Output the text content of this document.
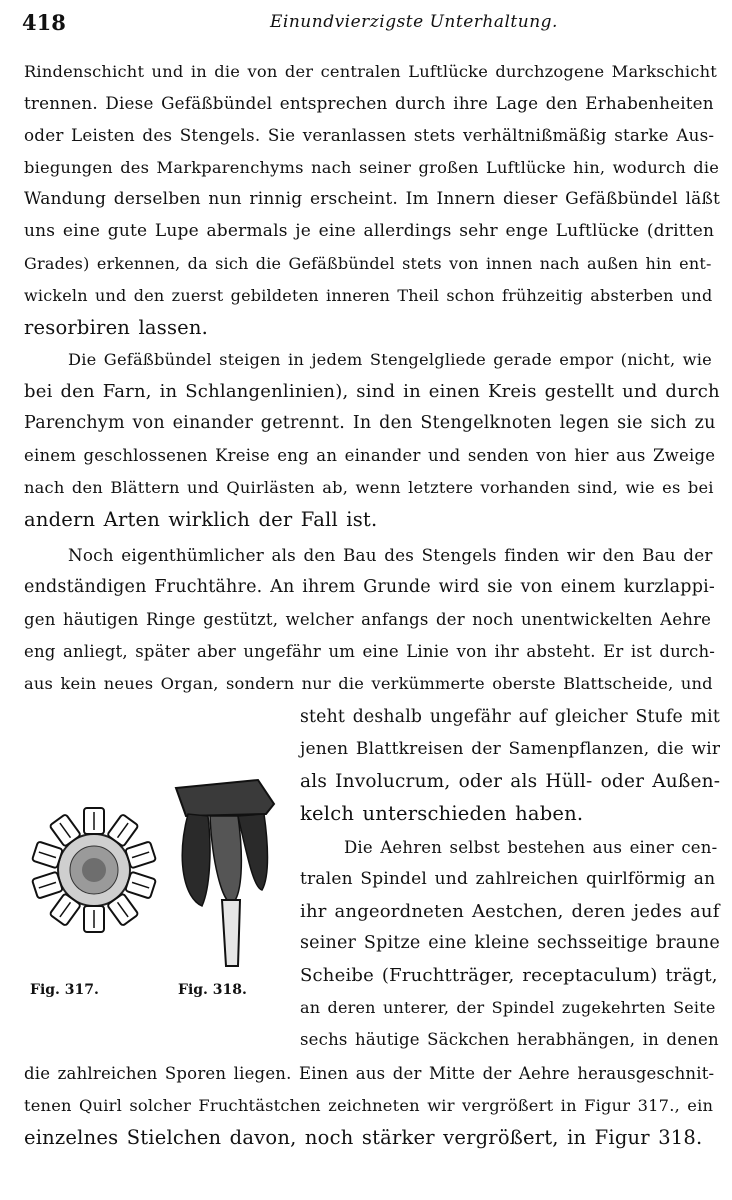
418	Einundvierzigste Unterhaltung.
Rindenschicht und in die von der centralen Luftlücke durchzogene Markschicht
trennen. Diese Gefäßbündel entsprechen durch ihre Lage den Erhabenheiten
oder Leisten des Stengels. Sie veranlassen stets verhältnißmäßig starke Aus-
biegungen des Markparenchyms nach seiner großen Luftlücke hin, wodurch die
Wandung derselben nun rinnig erscheint. Im Innern dieser Gefäßbündel läßt
uns eine gute Lupe abermals je eine allerdings sehr enge Luftlücke (dritten
Grades) erkennen, da sich die Gefäßbündel stets von innen nach außen hin ent-
wickeln und den zuerst gebildeten inneren Theil schon frühzeitig absterben und
resorbiren lassen.
Die Gefäßbündel steigen in jedem Stengelgliede gerade empor (nicht, wie
bei den Farn, in Schlangenlinien), sind in einen Kreis gestellt und durch
Parenchym von einander getrennt. In den Stengelknoten legen sie sich zu
einem geschlossenen Kreise eng an einander und senden von hier aus Zweige
nach den Blättern und Quirlästen ab, wenn letztere vorhanden sind, wie es bei
andern Arten wirklich der Fall ist.
Noch eigenthümlicher als den Bau des Stengels finden wir den Bau der
endständigen Fruchtähre. An ihrem Grunde wird sie von einem kurzlappi-
gen häutigen Ringe gestützt, welcher anfangs der noch unentwickelten Aehre
eng anliegt, später aber ungefähr um eine Linie von ihr absteht. Er ist durch-
aus kein neues Organ, sondern nur die verkümmerte oberste Blattscheide, und
steht deshalb ungefähr auf gleicher Stufe mit
jenen Blattkreisen der Samenpflanzen, die wir
als Involucrum, oder als Hüll- oder Außen-
kelch unterschieden haben.
Die Aehren selbst bestehen aus einer cen-
tralen Spindel und zahlreichen quirlförmig an
ihr angeordneten Aestchen, deren jedes auf
seiner Spitze eine kleine sechsseitige braune
Scheibe (Fruchtträger, receptaculum) trägt,
an deren unterer, der Spindel zugekehrten Seite
sechs häutige Säckchen herabhängen, in denen
die zahlreichen Sporen liegen. Einen aus der Mitte der Aehre herausgeschnit-
tenen Quirl solcher Fruchtästchen zeichneten wir vergrößert in Figur 317., ein
einzelnes Stielchen davon, noch stärker vergrößert, in Figur 318.
Fig. 317.	Fig. 318.
